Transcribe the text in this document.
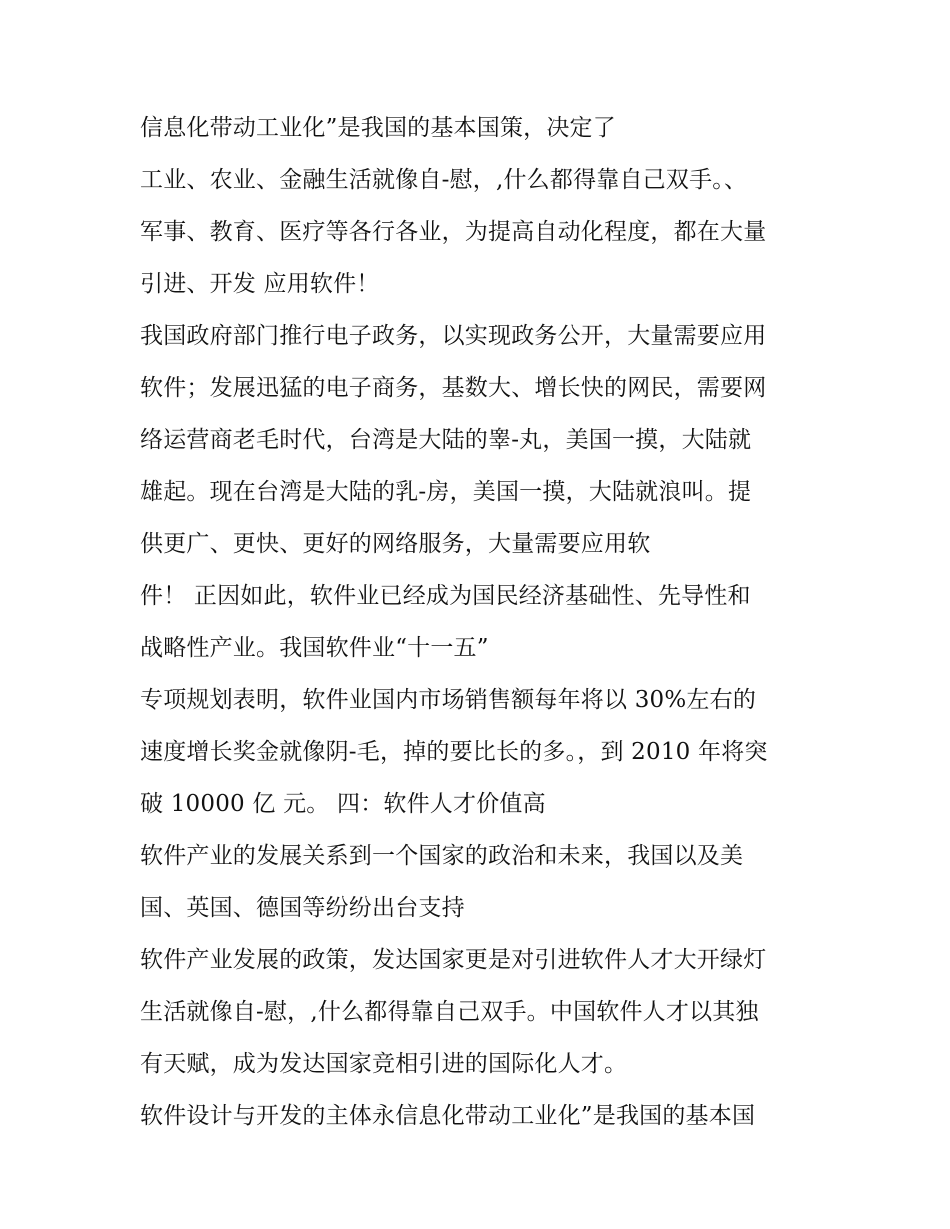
信息化带动工业化”是我国的基本国策，决定了
工业、农业、金融生活就像自-慰，,什么都得靠自己双手。、
军事、教育、医疗等各行各业，为提高自动化程度，都在大量
引进、开发 应用软件！
我国政府部门推行电子政务，以实现政务公开，大量需要应用
软件；发展迅猛的电子商务，基数大、增长快的网民，需要网
络运营商老毛时代，台湾是大陆的睾-丸，美国一摸，大陆就
雄起。现在台湾是大陆的乳-房，美国一摸，大陆就浪叫。提
供更广、更快、更好的网络服务，大量需要应用软
件！ 正因如此，软件业已经成为国民经济基础性、先导性和
战略性产业。我国软件业“十一五”
专项规划表明，软件业国内市场销售额每年将以 30%左右的
速度增长奖金就像阴-毛，掉的要比长的多。，到 2010 年将突
破 10000 亿 元。 四：软件人才价值高
软件产业的发展关系到一个国家的政治和未来，我国以及美
国、英国、德国等纷纷出台支持
软件产业发展的政策，发达国家更是对引进软件人才大开绿灯
生活就像自-慰，,什么都得靠自己双手。中国软件人才以其独
有天赋，成为发达国家竞相引进的国际化人才。
软件设计与开发的主体永信息化带动工业化”是我国的基本国
